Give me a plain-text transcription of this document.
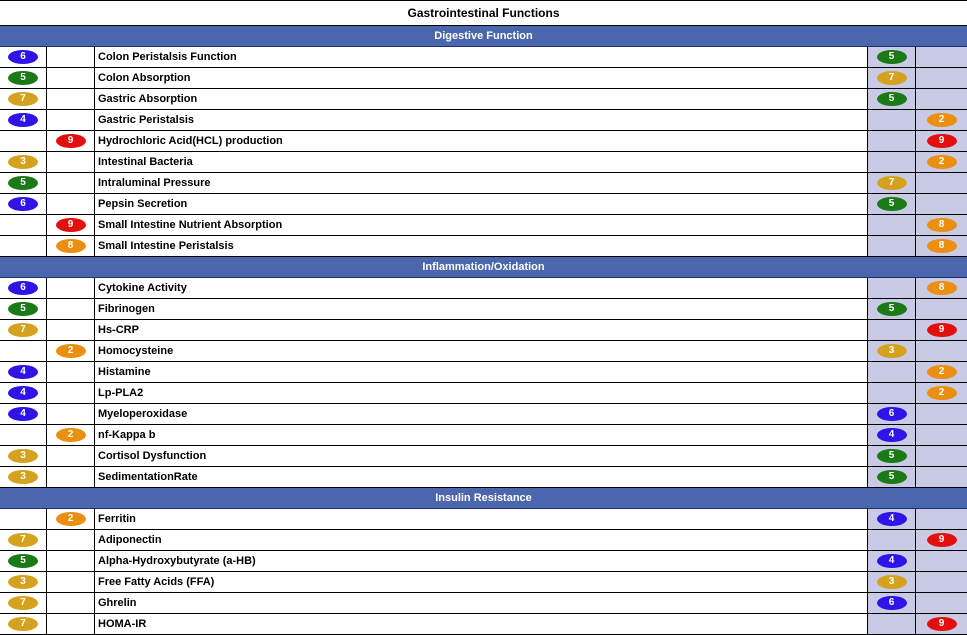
Gastrointestinal Functions
Digestive Function
6	Colon Peristalsis Function	5
5	Colon Absorption	7
7	Gastric Absorption	5
4	Gastric Peristalsis	2
9	Hydrochloric Acid(HCL) production	9
3	Intestinal Bacteria	2
5	Intraluminal Pressure	7
6	Pepsin Secretion	5
9	Small Intestine Nutrient Absorption	8
8	Small Intestine Peristalsis	8
Inflammation/Oxidation
6	Cytokine Activity	8
5	Fibrinogen	5
7	Hs-CRP	9
2	Homocysteine	3
4	Histamine	2
4	Lp-PLA2	2
4	Myeloperoxidase	6
2	nf-Kappa b	4
3	Cortisol Dysfunction	5
3	SedimentationRate	5
Insulin Resistance
2	Ferritin	4
7	Adiponectin	9
5	Alpha-Hydroxybutyrate (a-HB)	4
3	Free Fatty Acids (FFA)	3
7	Ghrelin	6
7	HOMA-IR	9
